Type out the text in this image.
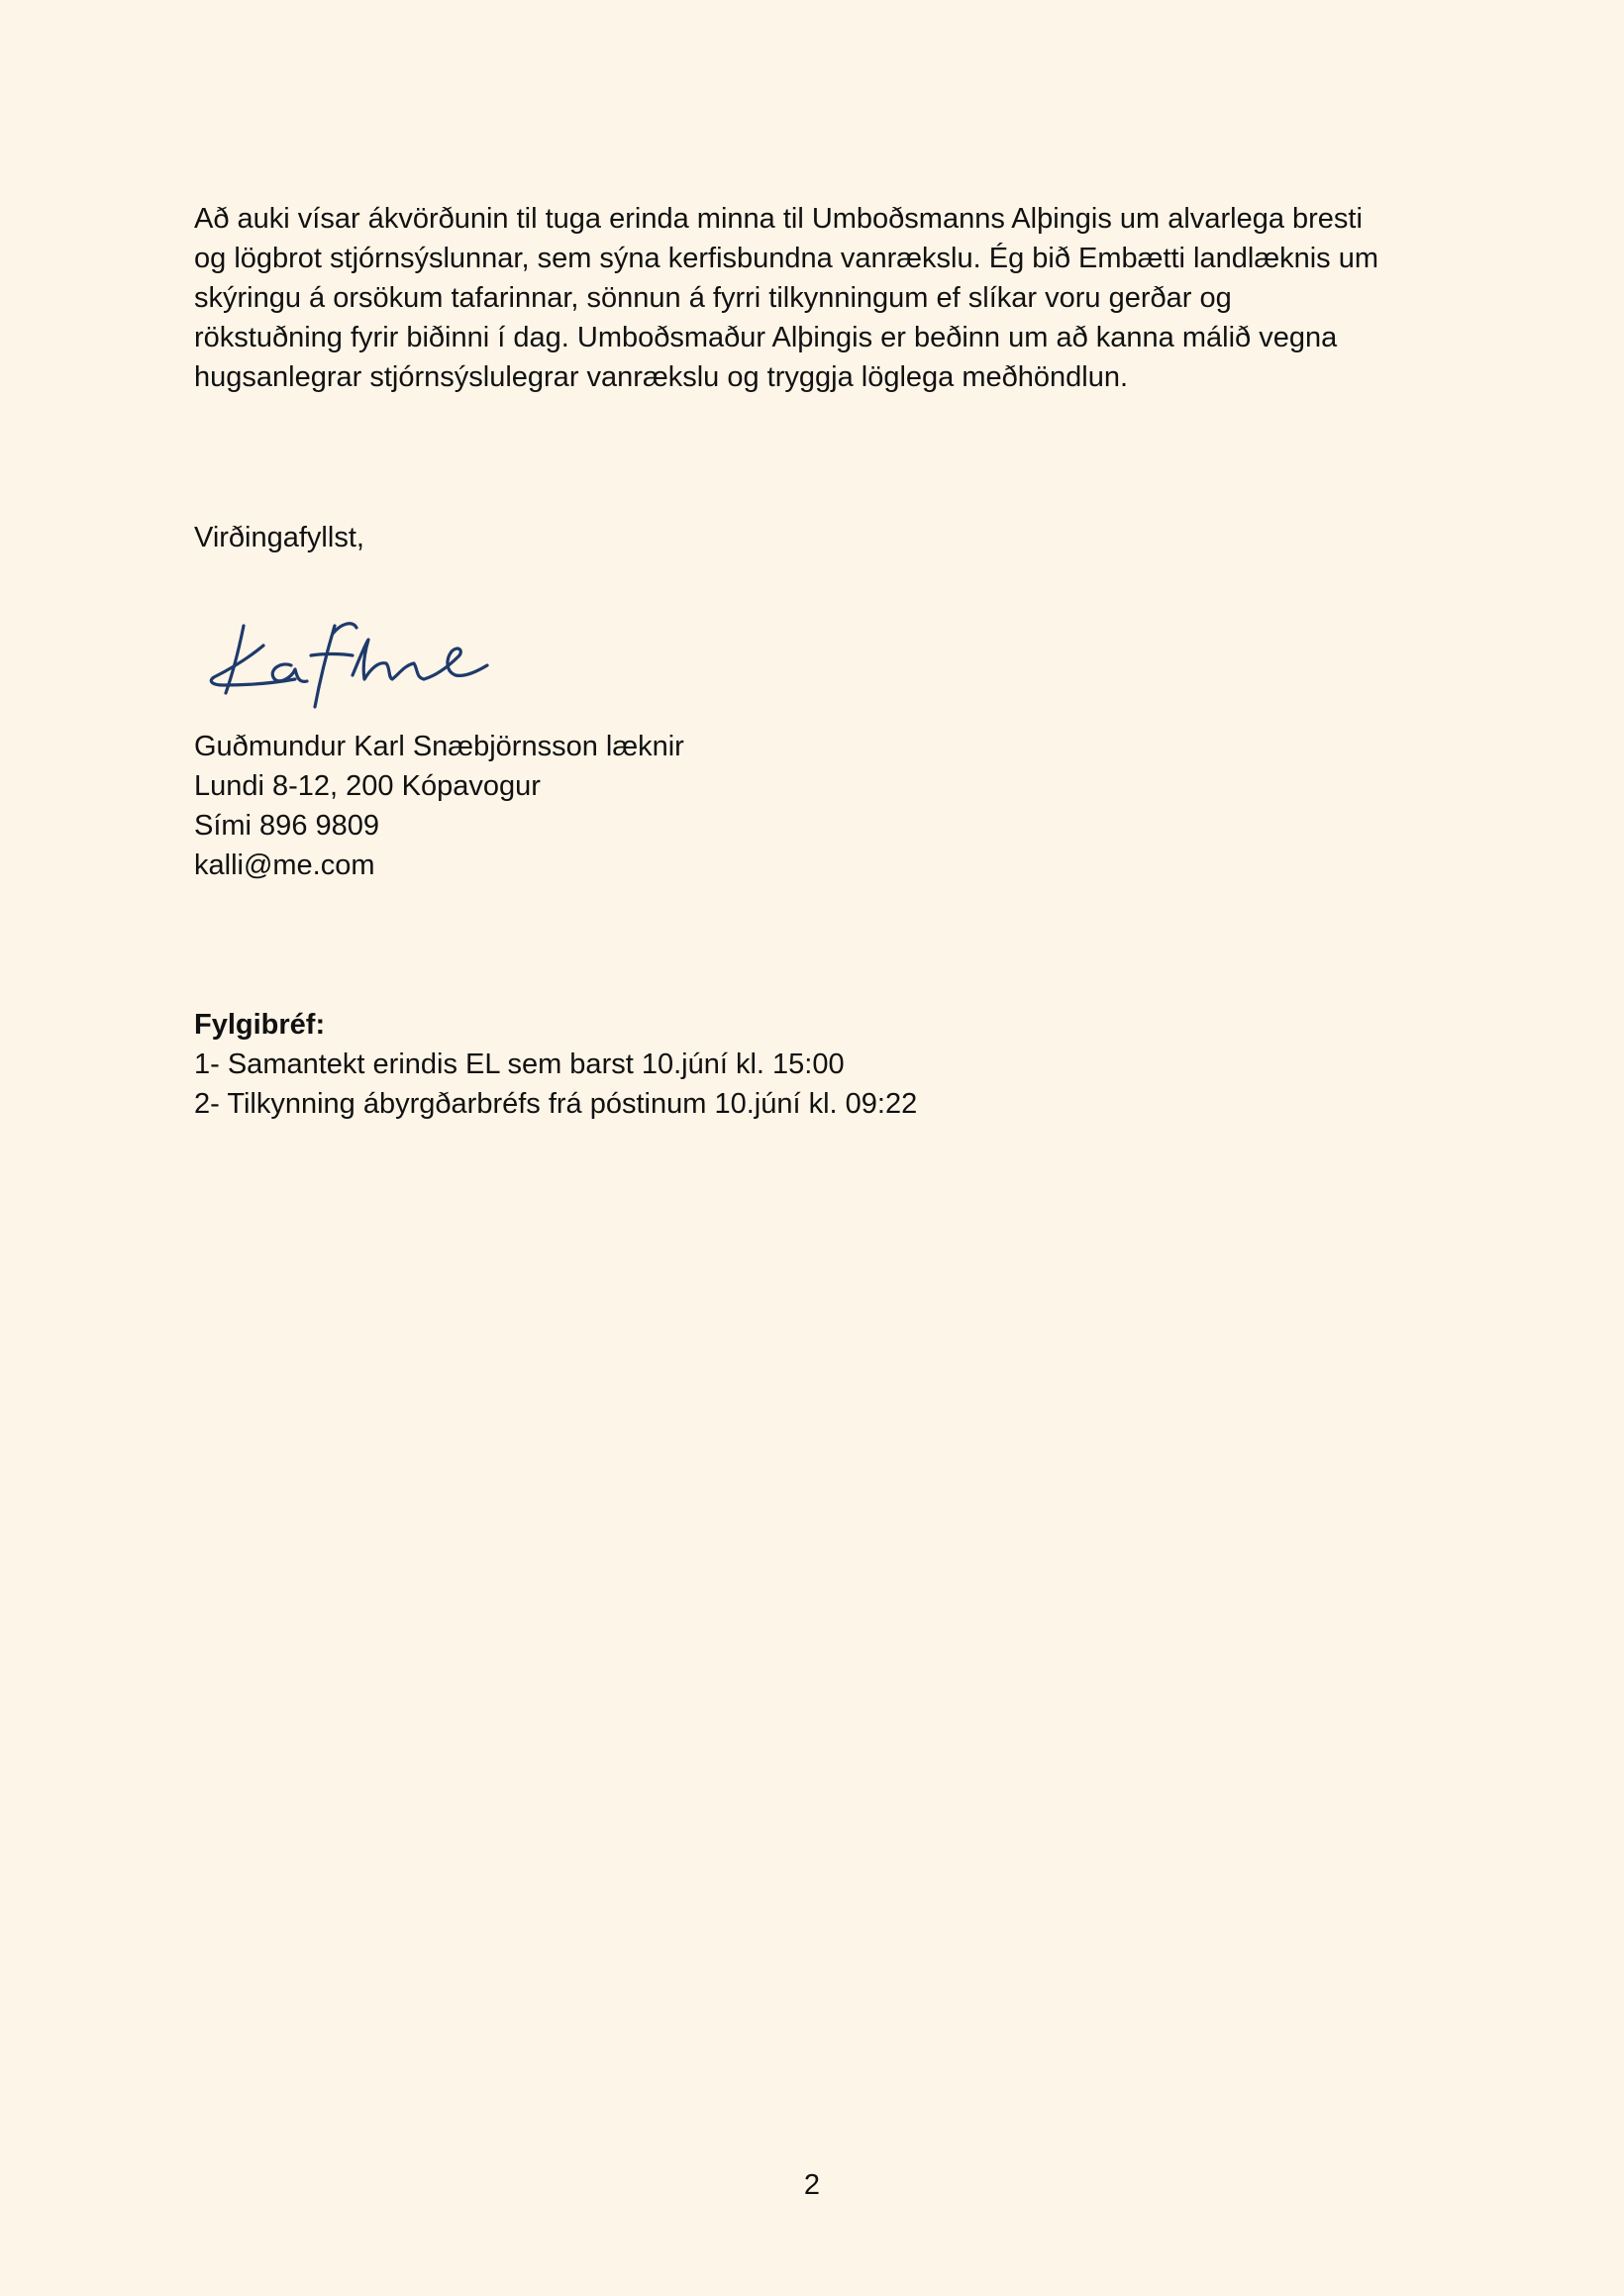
Að auki vísar ákvörðunin til tuga erinda minna til Umboðsmanns Alþingis um alvarlega bresti
og lögbrot stjórnsýslunnar, sem sýna kerfisbundna vanrækslu. Ég bið Embætti landlæknis um
skýringu á orsökum tafarinnar, sönnun á fyrri tilkynningum ef slíkar voru gerðar og
rökstuðning fyrir biðinni í dag. Umboðsmaður Alþingis er beðinn um að kanna málið vegna
hugsanlegrar stjórnsýslulegrar vanrækslu og tryggja löglega meðhöndlun.
Virðingafyllst,
Guðmundur Karl Snæbjörnsson læknir
Lundi 8-12, 200 Kópavogur
Sími 896 9809
kalli@me.com
Fylgibréf:
1- Samantekt erindis EL sem barst 10.júní kl. 15:00
2- Tilkynning ábyrgðarbréfs frá póstinum 10.júní kl. 09:22
2
